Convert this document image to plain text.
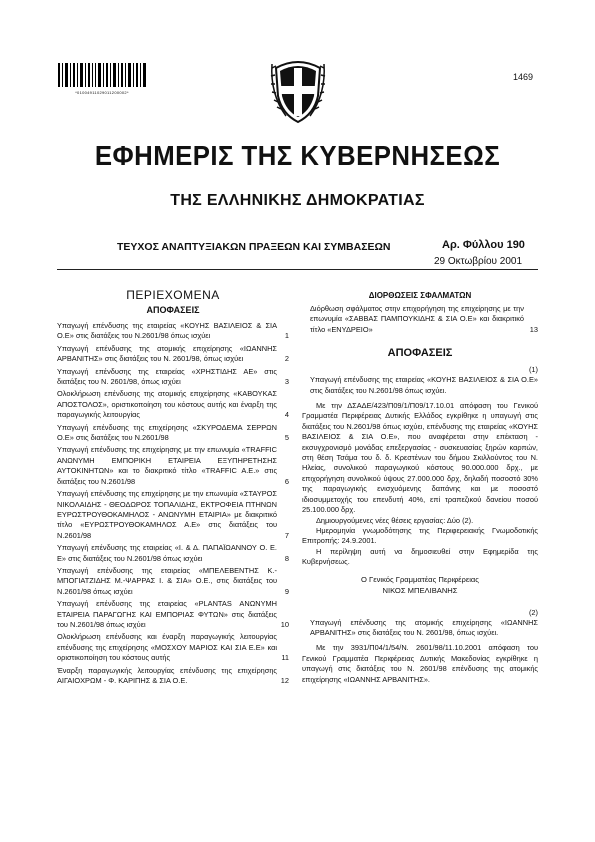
*01004911029011200002*
1469
ΕΦΗΜΕΡΙΣ ΤΗΣ ΚΥΒΕΡΝΗΣΕΩΣ
ΤΗΣ ΕΛΛΗΝΙΚΗΣ ΔΗΜΟΚΡΑΤΙΑΣ
ΤΕΥΧΟΣ ΑΝΑΠΤΥΞΙΑΚΩΝ ΠΡΑΞΕΩΝ ΚΑΙ ΣΥΜΒΑΣΕΩΝ	Αρ. Φύλλου 190
29 Οκτωβρίου 2001
ΠΕΡΙΕΧΟΜΕΝΑ
ΑΠΟΦΑΣΕΙΣ
Υπαγωγή επένδυσης της εταιρείας «ΚΟΥΗΣ ΒΑΣΙΛΕΙΟΣ & ΣΙΑ Ο.Ε» στις διατάξεις του Ν.2601/98 όπως ισχύει	1
Υπαγωγή επένδυσης της ατομικής επιχείρησης «ΙΩΑΝΝΗΣ ΑΡΒΑΝΙΤΗΣ» στις διατάξεις του Ν. 2601/98, όπως ισχύει	2
Υπαγωγή επένδυσης της εταιρείας «ΧΡΗΣΤΙΔΗΣ ΑΕ» στις διατάξεις του Ν. 2601/98, όπως ισχύει	3
Ολοκλήρωση επένδυσης της ατομικής επιχείρησης «ΚΑΒΟΥΚΑΣ ΑΠΟΣΤΟΛΟΣ», οριστικοποίηση του κόστους αυτής και έναρξη της παραγωγικής λειτουργίας	4
Υπαγωγή επένδυσης της επιχείρησης «ΣΚΥΡΟΔΕΜΑ ΣΕΡΡΩΝ Ο.Ε» στις διατάξεις του Ν.2601/98	5
Υπαγωγή επένδυσης της επιχείρησης με την επωνυμία «TRAFFIC ΑΝΩΝΥΜΗ ΕΜΠΟΡΙΚΗ ΕΤΑΙΡΕΙΑ ΕΞΥΠΗΡΕΤΗΣΗΣ ΑΥΤΟΚΙΝΗΤΩΝ» και το διακριτικό τίτλο «TRAFFIC A.E.» στις διατάξεις του Ν.2601/98	6
Υπαγωγή επένδυσης της επιχείρησης με την επωνυμία «ΣΤΑΥΡΟΣ ΝΙΚΟΛΑΙΔΗΣ - ΘΕΟΔΩΡΟΣ ΤΟΠΑΛΙΔΗΣ, ΕΚΤΡΟΦΕΙΑ ΠΤΗΝΩΝ ΕΥΡΩΣΤΡΟΥΘΟΚΑΜΗΛΟΣ - ΑΝΩΝΥΜΗ ΕΤΑΙΡΙΑ» με διακριτικό τίτλο «ΕΥΡΩΣΤΡΟΥΘΟΚΑΜΗΛΟΣ Α.Ε» στις διατάξεις του Ν.2601/98	7
Υπαγωγή επένδυσης της εταιρείας «Ι. & Δ. ΠΑΠΑΪΩΑΝΝΟΥ Ο. Ε. Ε» στις διατάξεις του Ν.2601/98 όπως ισχύει	8
Υπαγωγή επένδυσης της εταιρείας «ΜΠΕΛΕΒΕΝΤΗΣ Κ.-ΜΠΟΓΙΑΤΖΙΔΗΣ Μ.-ΨΑΡΡΑΣ Ι. & ΣΙΑ» Ο.Ε., στις διατάξεις του Ν.2601/98 όπως ισχύει	9
Υπαγωγή επένδυσης της εταιρείας «PLANTAS ΑΝΩΝΥΜΗ ΕΤΑΙΡΕΙΑ ΠΑΡΑΓΩΓΗΣ ΚΑΙ ΕΜΠΟΡΙΑΣ ΦΥΤΩΝ» στις διατάξεις του Ν.2601/98 όπως ισχύει	10
Ολοκλήρωση επένδυσης και έναρξη παραγωγικής λειτουργίας επένδυσης της επιχείρησης «ΜΟΣΧΟΥ ΜΑΡΙΟΣ ΚΑΙ ΣΙΑ Ε.Ε» και οριστικοποίηση του κόστους αυτής	11
Έναρξη παραγωγικής λειτουργίας επένδυσης της επιχείρησης ΑΙΓΑΙΟΧΡΩΜ - Φ. ΚΑΡΙΠΗΣ & ΣΙΑ Ο.Ε.	12
ΔΙΟΡΘΩΣΕΙΣ ΣΦΑΛΜΑΤΩΝ
Διόρθωση σφάλματος στην επιχορήγηση της επιχείρησης με την επωνυμία «ΣΑΒΒΑΣ ΠΑΜΠΟΥΚΙΔΗΣ & ΣΙΑ Ο.Ε» και διακριτικό τίτλο «ΕΝΥΔΡΕΙΟ»	13
ΑΠΟΦΑΣΕΙΣ
(1)

Υπαγωγή επένδυσης της εταιρείας «ΚΟΥΗΣ ΒΑΣΙΛΕΙΟΣ & ΣΙΑ Ο.Ε» στις διατάξεις του Ν.2601/98 όπως ισχύει.

Με την ΔΣΑΔΕ/423/Π09/1/Π09/17.10.01 απόφαση του Γενικού Γραμματέα Περιφέρειας Δυτικής Ελλάδος εγκρίθηκε η υπαγωγή στις διατάξεις του Ν.2601/98 όπως ισχύει, επένδυσης της εταιρείας «ΚΟΥΗΣ ΒΑΣΙΛΕΙΟΣ & ΣΙΑ Ο.Ε», που αναφέρεται στην επέκταση - εκσυγχρονισμό μονάδας επεξεργασίας - συσκευασίας ξηρών καρπών, στη θέση Τσάμα του δ. δ. Κρεστένων του δήμου Σκιλλούντος του Ν. Ηλείας, συνολικού παραγωγικού κόστους 90.000.000 δρχ., με επιχορήγηση συνολικού ύψους 27.000.000 δρχ, δηλαδή ποσοστό 30% της παραγωγικής ενισχυόμενης δαπάνης και με ποσοστό ιδιοσυμμετοχής του επενδυτή 40%, επί τραπεζικού δανείου ποσού 25.100.000 δρχ.

Δημιουργούμενες νέες θέσεις εργασίας: Δύο (2).

Ημερομηνία γνωμοδότησης της Περιφερειακής Γνωμοδοτικής Επιτροπής: 24.9.2001.

Η περίληψη αυτή να δημοσιευθεί στην Εφημερίδα της Κυβερνήσεως.

Ο Γενικός Γραμματέας Περιφέρειας
ΝΙΚΟΣ ΜΠΕΛΙΒΑΝΗΣ
(2)

Υπαγωγή επένδυσης της ατομικής επιχείρησης «ΙΩΑΝΝΗΣ ΑΡΒΑΝΙΤΗΣ» στις διατάξεις του Ν. 2601/98, όπως ισχύει.

Με την 3931/Π04/1/54/Ν. 2601/98/11.10.2001 απόφαση του Γενικού Γραμματέα Περιφέρειας Δυτικής Μακεδονίας εγκρίθηκε η υπαγωγή στις διατάξεις του Ν. 2601/98 επένδυσης της ατομικής επιχείρησης «ΙΩΑΝΝΗΣ ΑΡΒΑΝΙΤΗΣ».
